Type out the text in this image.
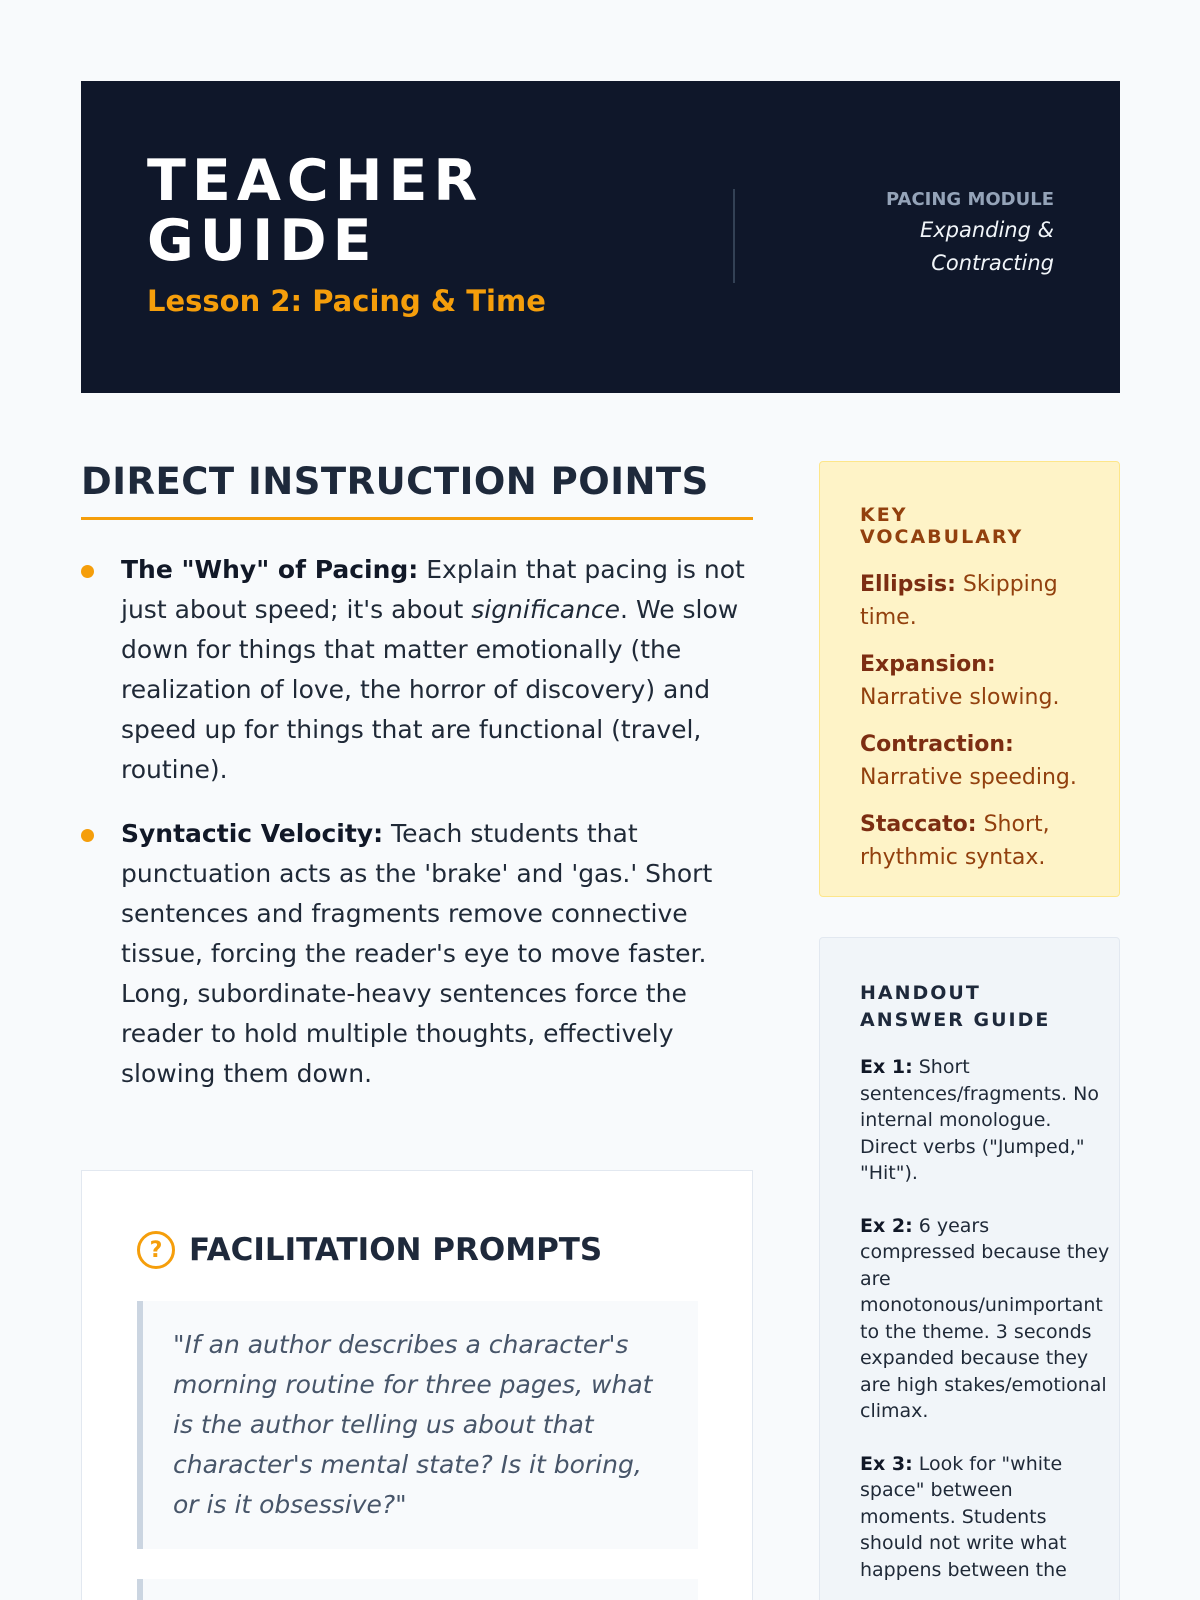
TEACHER
GUIDE
Lesson 2: Pacing & Time
PACING MODULE
Expanding &
Contracting
DIRECT INSTRUCTION POINTS
The "Why" of Pacing: Explain that pacing is not just about speed; it's about significance. We slow down for things that matter emotionally (the realization of love, the horror of discovery) and speed up for things that are functional (travel, routine).
Syntactic Velocity: Teach students that punctuation acts as the 'brake' and 'gas.' Short sentences and fragments remove connective tissue, forcing the reader's eye to move faster. Long, subordinate-heavy sentences force the reader to hold multiple thoughts, effectively slowing them down.
? FACILITATION PROMPTS
"If an author describes a character's morning routine for three pages, what is the author telling us about that character's mental state? Is it boring, or is it obsessive?"
KEY VOCABULARY
Ellipsis: Skipping time.
Expansion: Narrative slowing.
Contraction: Narrative speeding.
Staccato: Short, rhythmic syntax.
HANDOUT ANSWER GUIDE
Ex 1: Short sentences/fragments. No internal monologue. Direct verbs ("Jumped," "Hit").
Ex 2: 6 years compressed because they are monotonous/unimportant to the theme. 3 seconds expanded because they are high stakes/emotional climax.
Ex 3: Look for "white space" between moments. Students should not write what happens between the
